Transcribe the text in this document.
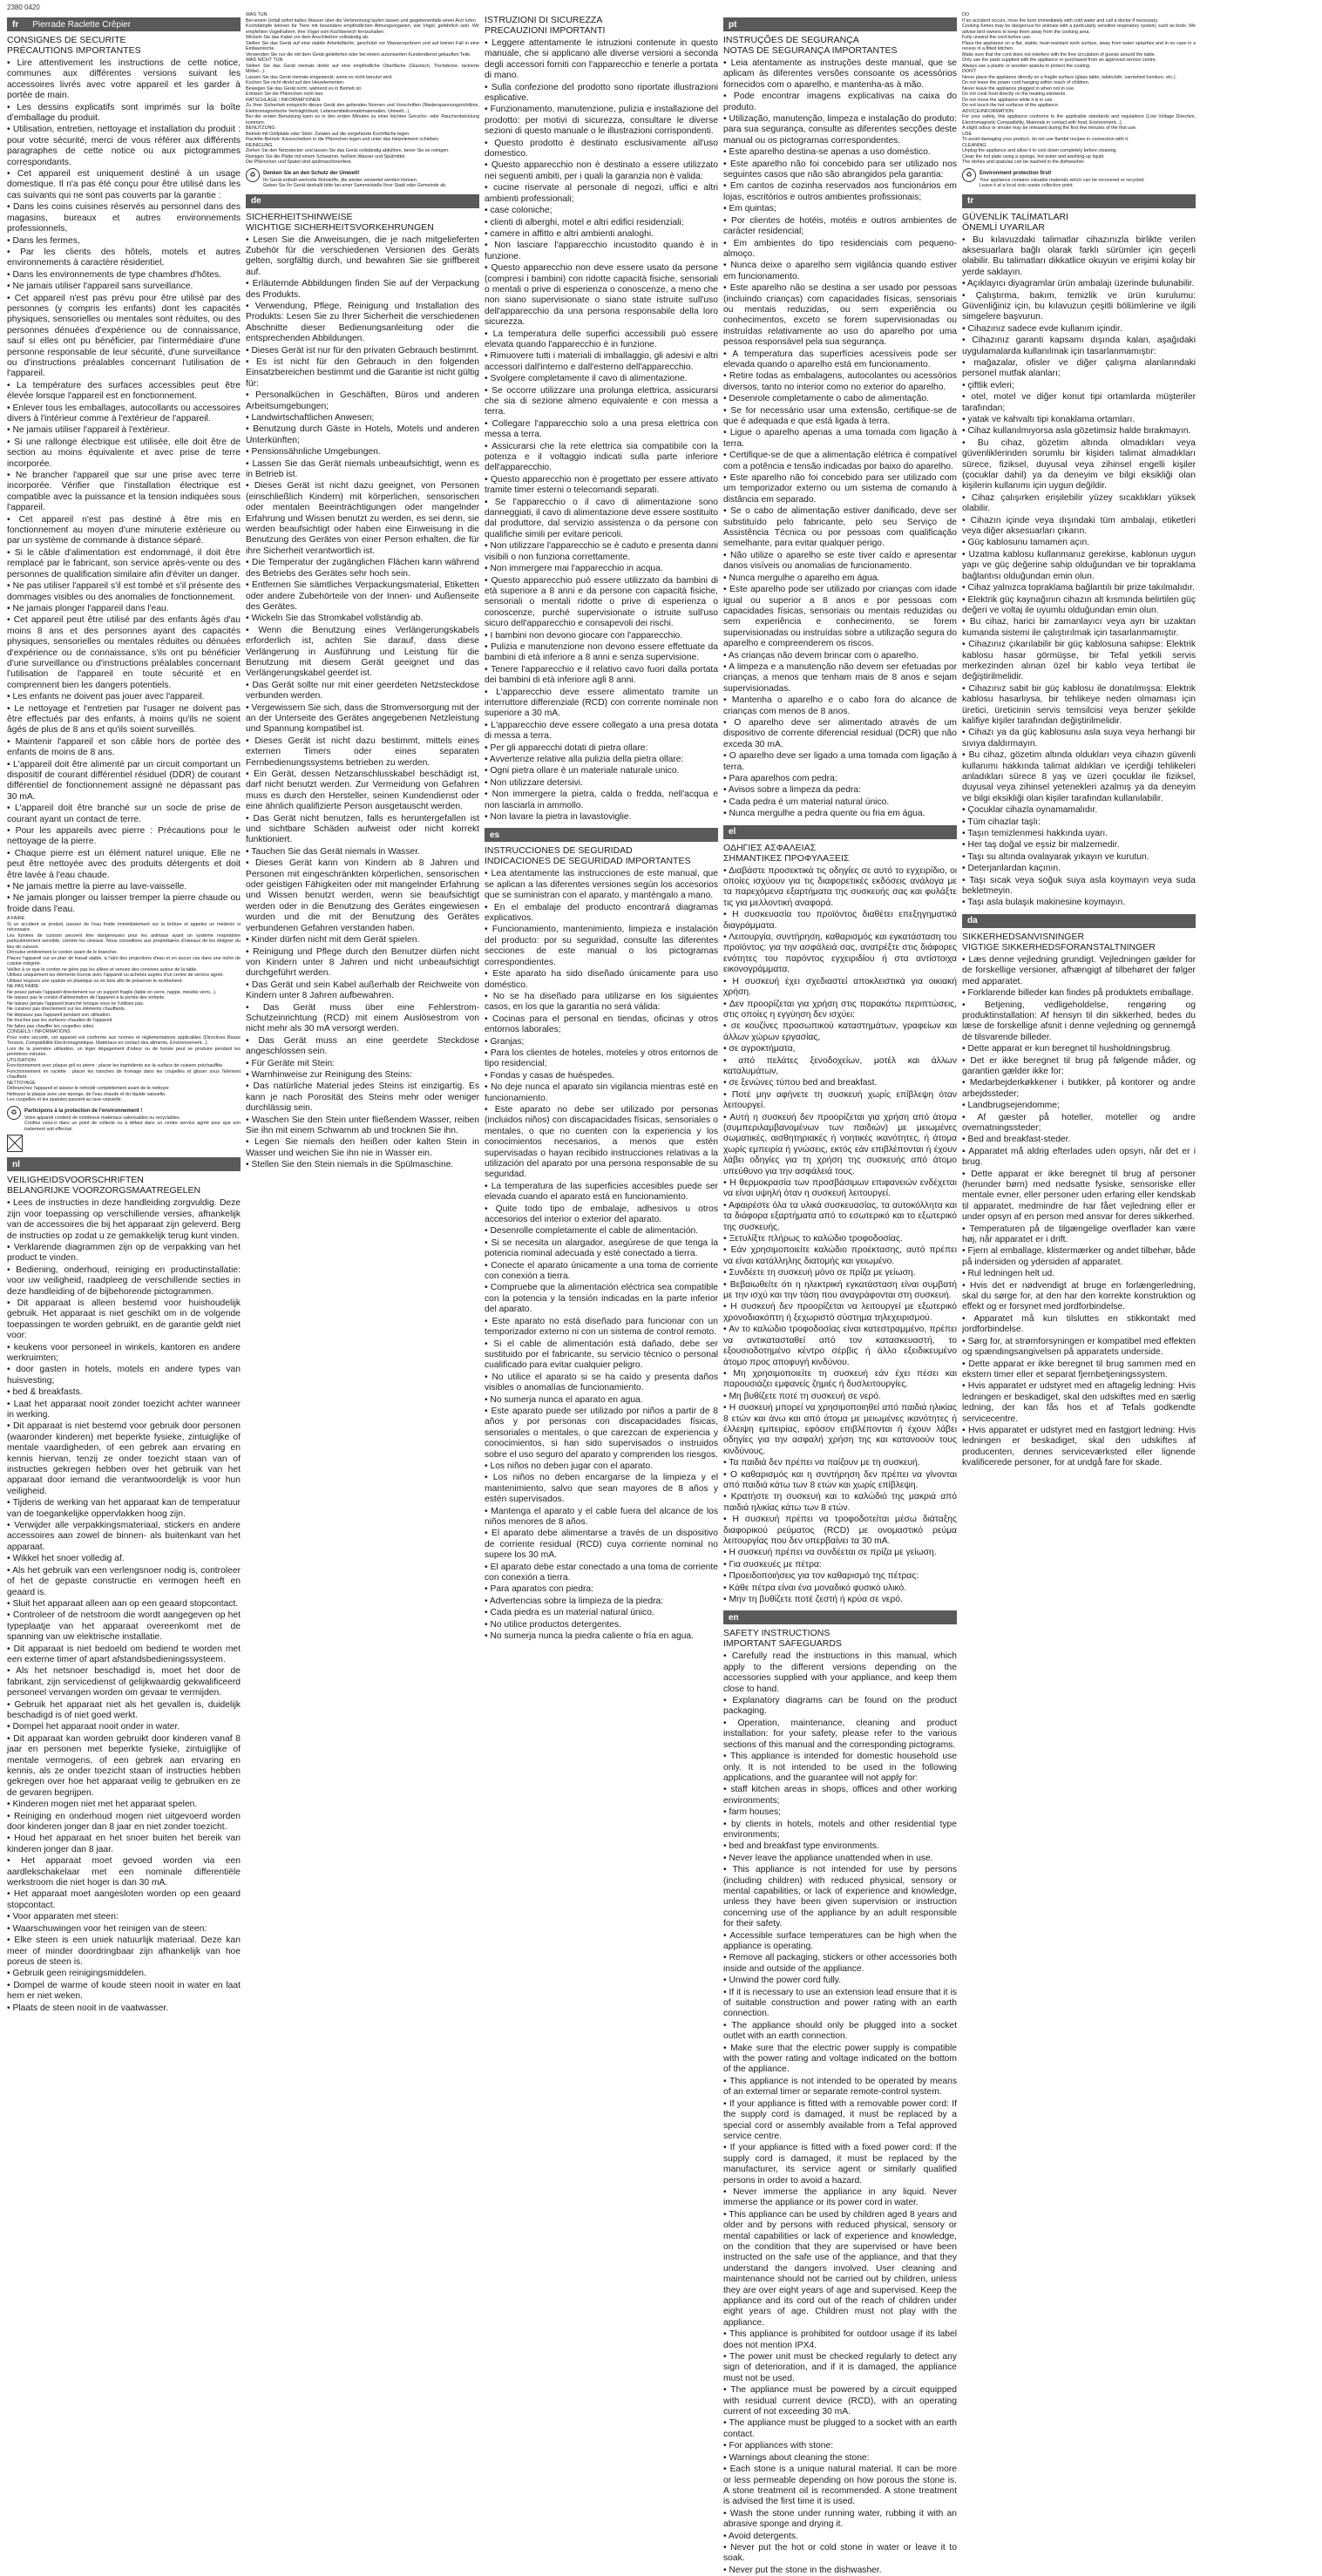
2380 0420
fr Pierrade Raclette Crêpier
CONSIGNES DE SECURITE
PRÉCAUTIONS IMPORTANTES
• Lire attentivement les instructions de cette notice, communes aux différentes versions suivant les accessoires livrés avec votre appareil et les garder à portée de main.
• Les dessins explicatifs sont imprimés sur la boîte d'emballage du produit.
• Utilisation, entretien, nettoyage et installation du produit : pour votre sécurité, merci de vous référer aux différents paragraphes de cette notice ou aux pictogrammes correspondants.
• Cet appareil est uniquement destiné à un usage domestique. Il n'a pas été conçu pour être utilisé dans les cas suivants qui ne sont pas couverts par la garantie :
• Dans les coins cuisines réservés au personnel dans des magasins, bureaux et autres environnements professionnels,
• Dans les fermes,
• Par les clients des hôtels, motels et autres environnements à caractère résidentiel,
• Dans les environnements de type chambres d'hôtes.
• Ne jamais utiliser l'appareil sans surveillance.
• Cet appareil n'est pas prévu pour être utilisé par des personnes (y compris les enfants) dont les capacités physiques, sensorielles ou mentales sont réduites, ou des personnes dénuées d'expérience ou de connaissance, sauf si elles ont pu bénéficier, par l'intermédiaire d'une personne responsable de leur sécurité, d'une surveillance ou d'instructions préalables concernant l'utilisation de l'appareil.
• La température des surfaces accessibles peut être élevée lorsque l'appareil est en fonctionnement.
• Enlever tous les emballages, autocollants ou accessoires divers à l'intérieur comme à l'extérieur de l'appareil.
• Ne jamais utiliser l'appareil à l'extérieur.
• Si une rallonge électrique est utilisée, elle doit être de section au moins équivalente et avec prise de terre incorporée.
• Ne brancher l'appareil que sur une prise avec terre incorporée. Vérifier que l'installation électrique est compatible avec la puissance et la tension indiquées sous l'appareil.
• Cet appareil n'est pas destiné à être mis en fonctionnement au moyen d'une minuterie extérieure ou par un système de commande à distance séparé.
• Si le câble d'alimentation est endommagé, il doit être remplacé par le fabricant, son service après-vente ou des personnes de qualification similaire afin d'éviter un danger.
• Ne pas utiliser l'appareil s'il est tombé et s'il présente des dommages visibles ou des anomalies de fonctionnement.
• Ne jamais plonger l'appareil dans l'eau.
• Cet appareil peut être utilisé par des enfants âgés d'au moins 8 ans et des personnes ayant des capacités physiques, sensorielles ou mentales réduites ou dénuées d'expérience ou de connaissance, s'ils ont pu bénéficier d'une surveillance ou d'instructions préalables concernant l'utilisation de l'appareil en toute sécurité et en comprennent bien les dangers potentiels.
• Les enfants ne doivent pas jouer avec l'appareil.
• Le nettoyage et l'entretien par l'usager ne doivent pas être effectués par des enfants, à moins qu'ils ne soient âgés de plus de 8 ans et qu'ils soient surveillés.
• Maintenir l'appareil et son câble hors de portée des enfants de moins de 8 ans.
• L'appareil doit être alimenté par un circuit comportant un dispositif de courant différentiel résiduel (DDR) de courant différentiel de fonctionnement assigné ne dépassant pas 30 mA.
• L'appareil doit être branché sur un socle de prise de courant ayant un contact de terre.
• Pour les appareils avec pierre : Précautions pour le nettoyage de la pierre.
• Chaque pierre est un élément naturel unique. Elle ne peut être nettoyée avec des produits détergents et doit être lavée à l'eau chaude.
• Ne jamais mettre la pierre au lave-vaisselle.
• Ne jamais plonger ou laisser tremper la pierre chaude ou froide dans l'eau.
A FAIRE
Si un accident se produit, passez de l'eau froide immédiatement sur la brûlure et appelez un médecin si nécessaire.
Les fumées de cuisson peuvent être dangereuses pour les animaux ayant un système respiratoire particulièrement sensible, comme les oiseaux. Nous conseillons aux propriétaires d'oiseaux de les éloigner du lieu de cuisson.
Déroulez entièrement le cordon avant de le brancher.
Placez l'appareil sur un plan de travail stable, à l'abri des projections d'eau et en aucun cas dans une niche de cuisine intégrée.
Veillez à ce que le cordon ne gêne pas les allées et venues des convives autour de la table.
Utilisez uniquement les éléments fournis avec l'appareil ou achetés auprès d'un centre de service agréé.
Utilisez toujours une spatule en plastique ou en bois afin de préserver le revêtement.
NE PAS FAIRE
Ne posez jamais l'appareil directement sur un support fragile (table en verre, nappe, meuble verni...).
Ne laissez pas le cordon d'alimentation de l'appareil à la portée des enfants.
Ne laissez jamais l'appareil branché lorsque vous ne l'utilisez pas.
Ne cuisinez pas directement sur les éléments chauffants.
Ne déplacez pas l'appareil pendant son utilisation.
Ne touchez pas les surfaces chaudes de l'appareil.
Ne faites pas chauffer les coupelles vides.
CONSEILS / INFORMATIONS
Pour votre sécurité, cet appareil est conforme aux normes et réglementations applicables (Directives Basse Tension, Compatibilité Electromagnétique, Matériaux en contact des aliments, Environnement...).
Lors de la première utilisation, un léger dégagement d'odeur ou de fumée peut se produire pendant les premières minutes.
UTILISATION
Fonctionnement avec plaque gril ou pierre : placer les ingrédients sur la surface de cuisson préchauffée.
Fonctionnement en raclette : placer les tranches de fromage dans les coupelles et glisser sous l'élément chauffant.
NETTOYAGE
Débranchez l'appareil et laissez-le refroidir complètement avant de le nettoyer.
Nettoyez la plaque avec une éponge, de l'eau chaude et du liquide vaisselle.
Les coupelles et les spatules passent au lave-vaisselle.
♻	Participons à la protection de l'environnement !
Votre appareil contient de nombreux matériaux valorisables ou recyclables.
Confiez celui-ci dans un point de collecte ou à défaut dans un centre service agréé pour que son traitement soit effectué.
nl
VEILIGHEIDSVOORSCHRIFTEN
BELANGRIJKE VOORZORGSMAATREGELEN
• Lees de instructies in deze handleiding zorgvuldig. Deze zijn voor toepassing op verschillende versies, afhankelijk van de accessoires die bij het apparaat zijn geleverd. Berg de instructies op zodat u ze gemakkelijk terug kunt vinden.
• Verklarende diagrammen zijn op de verpakking van het product te vinden.
• Bediening, onderhoud, reiniging en productinstallatie: voor uw veiligheid, raadpleeg de verschillende secties in deze handleiding of de bijbehorende pictogrammen.
• Dit apparaat is alleen bestemd voor huishoudelijk gebruik. Het apparaat is niet geschikt om in de volgende toepassingen te worden gebruikt, en de garantie geldt niet voor:
• keukens voor personeel in winkels, kantoren en andere werkruimten;
• door gasten in hotels, motels en andere types van huisvesting;
• bed & breakfasts.
• Laat het apparaat nooit zonder toezicht achter wanneer in werking.
• Dit apparaat is niet bestemd voor gebruik door personen (waaronder kinderen) met beperkte fysieke, zintuiglijke of mentale vaardigheden, of een gebrek aan ervaring en kennis hiervan, tenzij ze onder toezicht staan van of instructies gekregen hebben over het gebruik van het apparaat door iemand die verantwoordelijk is voor hun veiligheid.
• Tijdens de werking van het apparaat kan de temperatuur van de toegankelijke oppervlakken hoog zijn.
• Verwijder alle verpakkingsmateriaal, stickers en andere accessoires aan zowel de binnen- als buitenkant van het apparaat.
• Wikkel het snoer volledig af.
• Als het gebruik van een verlengsnoer nodig is, controleer of het de gepaste constructie en vermogen heeft en geaard is.
• Sluit het apparaat alleen aan op een geaard stopcontact.
• Controleer of de netstroom die wordt aangegeven op het typeplaatje van het apparaat overeenkomt met de spanning van uw elektrische installatie.
• Dit apparaat is niet bedoeld om bediend te worden met een externe timer of apart afstandsbedieningssysteem.
• Als het netsnoer beschadigd is, moet het door de fabrikant, zijn servicedienst of gelijkwaardig gekwalificeerd personeel vervangen worden om gevaar te vermijden.
• Gebruik het apparaat niet als het gevallen is, duidelijk beschadigd is of niet goed werkt.
• Dompel het apparaat nooit onder in water.
• Dit apparaat kan worden gebruikt door kinderen vanaf 8 jaar en personen met beperkte fysieke, zintuiglijke of mentale vermogens, of een gebrek aan ervaring en kennis, als ze onder toezicht staan of instructies hebben gekregen over hoe het apparaat veilig te gebruiken en ze de gevaren begrijpen.
• Kinderen mogen niet met het apparaat spelen.
• Reiniging en onderhoud mogen niet uitgevoerd worden door kinderen jonger dan 8 jaar en niet zonder toezicht.
• Houd het apparaat en het snoer buiten het bereik van kinderen jonger dan 8 jaar.
• Het apparaat moet gevoed worden via een aardlekschakelaar met een nominale differentiële werkstroom die niet hoger is dan 30 mA.
• Het apparaat moet aangesloten worden op een geaard stopcontact.
• Voor apparaten met steen:
• Waarschuwingen voor het reinigen van de steen:
• Elke steen is een uniek natuurlijk materiaal. Deze kan meer of minder doordringbaar zijn afhankelijk van hoe poreus de steen is.
• Gebruik geen reinigingsmiddelen.
• Dompel de warme of koude steen nooit in water en laat hem er niet weken.
• Plaats de steen nooit in de vaatwasser.
WAS TUN
Bei einem Unfall sofort kaltes Wasser über die Verbrennung laufen lassen und gegebenenfalls einen Arzt rufen.
Kochdämpfe können für Tiere mit besonders empfindlichen Atmungsorganen, wie Vögel, gefährlich sein. Wir empfehlen Vogelhaltern, ihre Vögel vom Kochbereich fernzuhalten.
Wickeln Sie das Kabel vor dem Anschließen vollständig ab.
Stellen Sie das Gerät auf eine stabile Arbeitsfläche, geschützt vor Wasserspritzern und auf keinen Fall in eine Einbaunische.
Verwenden Sie nur die mit dem Gerät gelieferten oder bei einem autorisierten Kundendienst gekauften Teile.
WAS NICHT TUN
Stellen Sie das Gerät niemals direkt auf eine empfindliche Oberfläche (Glastisch, Tischdecke, lackierte Möbel...).
Lassen Sie das Gerät niemals eingesteckt, wenn es nicht benutzt wird.
Kochen Sie nicht direkt auf den Heizelementen.
Bewegen Sie das Gerät nicht, während es in Betrieb ist.
Erhitzen Sie die Pfännchen nicht leer.
RATSCHLÄGE / INFORMATIONEN
Zu Ihrer Sicherheit entspricht dieses Gerät den geltenden Normen und Vorschriften (Niederspannungsrichtlinie, Elektromagnetische Verträglichkeit, Lebensmittelkontaktmaterialien, Umwelt...).
Bei der ersten Benutzung kann es in den ersten Minuten zu einer leichten Geruchs- oder Rauchentwicklung kommen.
BENUTZUNG
Betrieb mit Grillplatte oder Stein: Zutaten auf die vorgeheizte Kochfläche legen.
Raclette-Betrieb: Käsescheiben in die Pfännchen legen und unter das Heizelement schieben.
REINIGUNG
Ziehen Sie den Netzstecker und lassen Sie das Gerät vollständig abkühlen, bevor Sie es reinigen.
Reinigen Sie die Platte mit einem Schwamm, heißem Wasser und Spülmittel.
Die Pfännchen und Spatel sind spülmaschinenfest.
♻	Denken Sie an den Schutz der Umwelt!
Ihr Gerät enthält wertvolle Rohstoffe, die wieder verwertet werden können.
Geben Sie Ihr Gerät deshalb bitte bei einer Sammelstelle Ihrer Stadt oder Gemeinde ab.
de
SICHERHEITSHINWEISE
WICHTIGE SICHERHEITSVORKEHRUNGEN
• Lesen Sie die Anweisungen, die je nach mitgelieferten Zubehör für die verschiedenen Versionen des Geräts gelten, sorgfältig durch, und bewahren Sie sie griffbereit auf.
• Erläuternde Abbildungen finden Sie auf der Verpackung des Produkts.
• Verwendung, Pflege, Reinigung und Installation des Produkts: Lesen Sie zu Ihrer Sicherheit die verschiedenen Abschnitte dieser Bedienungsanleitung oder die entsprechenden Abbildungen.
• Dieses Gerät ist nur für den privaten Gebrauch bestimmt.
• Es ist nicht für den Gebrauch in den folgenden Einsatzbereichen bestimmt und die Garantie ist nicht gültig für:
• Personalküchen in Geschäften, Büros und anderen Arbeitsumgebungen;
• Landwirtschaftlichen Anwesen;
• Benutzung durch Gäste in Hotels, Motels und anderen Unterkünften;
• Pensionsähnliche Umgebungen.
• Lassen Sie das Gerät niemals unbeaufsichtigt, wenn es in Betrieb ist.
• Dieses Gerät ist nicht dazu geeignet, von Personen (einschließlich Kindern) mit körperlichen, sensorischen oder mentalen Beeinträchtigungen oder mangelnder Erfahrung und Wissen benutzt zu werden, es sei denn, sie werden beaufsichtigt oder haben eine Einweisung in die Benutzung des Gerätes von einer Person erhalten, die für ihre Sicherheit verantwortlich ist.
• Die Temperatur der zugänglichen Flächen kann während des Betriebs des Gerätes sehr hoch sein.
• Entfernen Sie sämtliches Verpackungsmaterial, Etiketten oder andere Zubehörteile von der Innen- und Außenseite des Gerätes.
• Wickeln Sie das Stromkabel vollständig ab.
• Wenn die Benutzung eines Verlängerungskabels erforderlich ist, achten Sie darauf, dass diese Verlängerung in Ausführung und Leistung für die Benutzung mit diesem Gerät geeignet und das Verlängerungskabel geerdet ist.
• Das Gerät sollte nur mit einer geerdeten Netzsteckdose verbunden werden.
• Vergewissern Sie sich, dass die Stromversorgung mit der an der Unterseite des Gerätes angegebenen Netzleistung und Spannung kompatibel ist.
• Dieses Gerät ist nicht dazu bestimmt, mittels eines externen Timers oder eines separaten Fernbedienungssystems betrieben zu werden.
• Ein Gerät, dessen Netzanschlusskabel beschädigt ist, darf nicht benutzt werden. Zur Vermeidung von Gefahren muss es durch den Hersteller, seinen Kundendienst oder eine ähnlich qualifizierte Person ausgetauscht werden.
• Das Gerät nicht benutzen, falls es heruntergefallen ist und sichtbare Schäden aufweist oder nicht korrekt funktioniert.
• Tauchen Sie das Gerät niemals in Wasser.
• Dieses Gerät kann von Kindern ab 8 Jahren und Personen mit eingeschränkten körperlichen, sensorischen oder geistigen Fähigkeiten oder mit mangelnder Erfahrung und Wissen benutzt werden, wenn sie beaufsichtigt werden oder in die Benutzung des Gerätes eingewiesen wurden und die mit der Benutzung des Gerätes verbundenen Gefahren verstanden haben.
• Kinder dürfen nicht mit dem Gerät spielen.
• Reinigung und Pflege durch den Benutzer dürfen nicht von Kindern unter 8 Jahren und nicht unbeaufsichtigt durchgeführt werden.
• Das Gerät und sein Kabel außerhalb der Reichweite von Kindern unter 8 Jahren aufbewahren.
• Das Gerät muss über eine Fehlerstrom-Schutzeinrichtung (RCD) mit einem Auslösestrom von nicht mehr als 30 mA versorgt werden.
• Das Gerät muss an eine geerdete Steckdose angeschlossen sein.
• Für Geräte mit Stein:
• Warnhinweise zur Reinigung des Steins:
• Das natürliche Material jedes Steins ist einzigartig. Es kann je nach Porosität des Steins mehr oder weniger durchlässig sein.
• Waschen Sie den Stein unter fließendem Wasser, reiben Sie ihn mit einem Schwamm ab und trocknen Sie ihn.
• Legen Sie niemals den heißen oder kalten Stein in Wasser und weichen Sie ihn nie in Wasser ein.
• Stellen Sie den Stein niemals in die Spülmaschine.
ISTRUZIONI DI SICUREZZA
PRECAUZIONI IMPORTANTI
• Leggere attentamente le istruzioni contenute in questo manuale, che si applicano alle diverse versioni a seconda degli accessori forniti con l'apparecchio e tenerle a portata di mano.
• Sulla confezione del prodotto sono riportate illustrazioni esplicative.
• Funzionamento, manutenzione, pulizia e installazione del prodotto: per motivi di sicurezza, consultare le diverse sezioni di questo manuale o le illustrazioni corrispondenti.
• Questo prodotto è destinato esclusivamente all'uso domestico.
• Questo apparecchio non è destinato a essere utilizzato nei seguenti ambiti, per i quali la garanzia non è valida:
• cucine riservate al personale di negozi, uffici e altri ambienti professionali;
• case coloniche;
• clienti di alberghi, motel e altri edifici residenziali;
• camere in affitto e altri ambienti analoghi.
• Non lasciare l'apparecchio incustodito quando è in funzione.
• Questo apparecchio non deve essere usato da persone (compresi i bambini) con ridotte capacità fisiche, sensoriali o mentali o prive di esperienza o conoscenze, a meno che non siano supervisionate o siano state istruite sull'uso dell'apparecchio da una persona responsabile della loro sicurezza.
• La temperatura delle superfici accessibili può essere elevata quando l'apparecchio è in funzione.
• Rimuovere tutti i materiali di imballaggio, gli adesivi e altri accessori dall'interno e dall'esterno dell'apparecchio.
• Svolgere completamente il cavo di alimentazione.
• Se occorre utilizzare una prolunga elettrica, assicurarsi che sia di sezione almeno equivalente e con messa a terra.
• Collegare l'apparecchio solo a una presa elettrica con messa a terra.
• Assicurarsi che la rete elettrica sia compatibile con la potenza e il voltaggio indicati sulla parte inferiore dell'apparecchio.
• Questo apparecchio non è progettato per essere attivato tramite timer esterni o telecomandi separati.
• Se l'apparecchio o il cavo di alimentazione sono danneggiati, il cavo di alimentazione deve essere sostituito dal produttore, dal servizio assistenza o da persone con qualifiche simili per evitare pericoli.
• Non utilizzare l'apparecchio se è caduto e presenta danni visibili o non funziona correttamente.
• Non immergere mai l'apparecchio in acqua.
• Questo apparecchio può essere utilizzato da bambini di età superiore a 8 anni e da persone con capacità fisiche, sensoriali o mentali ridotte o prive di esperienza o conoscenze, purché supervisionate o istruite sull'uso sicuro dell'apparecchio e consapevoli dei rischi.
• I bambini non devono giocare con l'apparecchio.
• Pulizia e manutenzione non devono essere effettuate da bambini di età inferiore a 8 anni e senza supervisione.
• Tenere l'apparecchio e il relativo cavo fuori dalla portata dei bambini di età inferiore agli 8 anni.
• L'apparecchio deve essere alimentato tramite un interruttore differenziale (RCD) con corrente nominale non superiore a 30 mA.
• L'apparecchio deve essere collegato a una presa dotata di messa a terra.
• Per gli apparecchi dotati di pietra ollare:
• Avvertenze relative alla pulizia della pietra ollare:
• Ogni pietra ollare è un materiale naturale unico.
• Non utilizzare detersivi.
• Non immergere la pietra, calda o fredda, nell'acqua e non lasciarla in ammollo.
• Non lavare la pietra in lavastoviglie.
es
INSTRUCCIONES DE SEGURIDAD
INDICACIONES DE SEGURIDAD IMPORTANTES
• Lea atentamente las instrucciones de este manual, que se aplican a las diferentes versiones según los accesorios que se suministran con el aparato, y manténgalo a mano.
• En el embalaje del producto encontrará diagramas explicativos.
• Funcionamiento, mantenimiento, limpieza e instalación del producto: por su seguridad, consulte las diferentes secciones de este manual o los pictogramas correspondientes.
• Este aparato ha sido diseñado únicamente para uso doméstico.
• No se ha diseñado para utilizarse en los siguientes casos, en los que la garantía no será válida:
• Cocinas para el personal en tiendas, oficinas y otros entornos laborales;
• Granjas;
• Para los clientes de hoteles, moteles y otros entornos de tipo residencial;
• Fondas y casas de huéspedes.
• No deje nunca el aparato sin vigilancia mientras esté en funcionamiento.
• Este aparato no debe ser utilizado por personas (incluidos niños) con discapacidades físicas, sensoriales o mentales, o que no cuenten con la experiencia y los conocimientos necesarios, a menos que estén supervisadas o hayan recibido instrucciones relativas a la utilización del aparato por una persona responsable de su seguridad.
• La temperatura de las superficies accesibles puede ser elevada cuando el aparato está en funcionamiento.
• Quite todo tipo de embalaje, adhesivos u otros accesorios del interior o exterior del aparato.
• Desenrolle completamente el cable de alimentación.
• Si se necesita un alargador, asegúrese de que tenga la potencia nominal adecuada y esté conectado a tierra.
• Conecte el aparato únicamente a una toma de corriente con conexión a tierra.
• Compruebe que la alimentación eléctrica sea compatible con la potencia y la tensión indicadas en la parte inferior del aparato.
• Este aparato no está diseñado para funcionar con un temporizador externo ni con un sistema de control remoto.
• Si el cable de alimentación está dañado, debe ser sustituido por el fabricante, su servicio técnico o personal cualificado para evitar cualquier peligro.
• No utilice el aparato si se ha caído y presenta daños visibles o anomalías de funcionamiento.
• No sumerja nunca el aparato en agua.
• Este aparato puede ser utilizado por niños a partir de 8 años y por personas con discapacidades físicas, sensoriales o mentales, o que carezcan de experiencia y conocimientos, si han sido supervisados o instruidos sobre el uso seguro del aparato y comprenden los riesgos.
• Los niños no deben jugar con el aparato.
• Los niños no deben encargarse de la limpieza y el mantenimiento, salvo que sean mayores de 8 años y estén supervisados.
• Mantenga el aparato y el cable fuera del alcance de los niños menores de 8 años.
• El aparato debe alimentarse a través de un dispositivo de corriente residual (RCD) cuya corriente nominal no supere los 30 mA.
• El aparato debe estar conectado a una toma de corriente con conexión a tierra.
• Para aparatos con piedra:
• Advertencias sobre la limpieza de la piedra:
• Cada piedra es un material natural único.
• No utilice productos detergentes.
• No sumerja nunca la piedra caliente o fría en agua.
pt
INSTRUÇÕES DE SEGURANÇA
NOTAS DE SEGURANÇA IMPORTANTES
• Leia atentamente as instruções deste manual, que se aplicam às diferentes versões consoante os acessórios fornecidos com o aparelho, e mantenha-as à mão.
• Pode encontrar imagens explicativas na caixa do produto.
• Utilização, manutenção, limpeza e instalação do produto: para sua segurança, consulte as diferentes secções deste manual ou os pictogramas correspondentes.
• Este aparelho destina-se apenas a uso doméstico.
• Este aparelho não foi concebido para ser utilizado nos seguintes casos que não são abrangidos pela garantia:
• Em cantos de cozinha reservados aos funcionários em lojas, escritórios e outros ambientes profissionais;
• Em quintas;
• Por clientes de hotéis, motéis e outros ambientes de carácter residencial;
• Em ambientes do tipo residenciais com pequeno-almoço.
• Nunca deixe o aparelho sem vigilância quando estiver em funcionamento.
• Este aparelho não se destina a ser usado por pessoas (incluindo crianças) com capacidades físicas, sensoriais ou mentais reduzidas, ou sem experiência ou conhecimentos, exceto se forem supervisionadas ou instruídas relativamente ao uso do aparelho por uma pessoa responsável pela sua segurança.
• A temperatura das superfícies acessíveis pode ser elevada quando o aparelho está em funcionamento.
• Retire todas as embalagens, autocolantes ou acessórios diversos, tanto no interior como no exterior do aparelho.
• Desenrole completamente o cabo de alimentação.
• Se for necessário usar uma extensão, certifique-se de que é adequada e que está ligada à terra.
• Ligue o aparelho apenas a uma tomada com ligação à terra.
• Certifique-se de que a alimentação elétrica é compatível com a potência e tensão indicadas por baixo do aparelho.
• Este aparelho não foi concebido para ser utilizado com um temporizador externo ou um sistema de comando à distância em separado.
• Se o cabo de alimentação estiver danificado, deve ser substituído pelo fabricante, pelo seu Serviço de Assistência Técnica ou por pessoas com qualificação semelhante, para evitar qualquer perigo.
• Não utilize o aparelho se este tiver caído e apresentar danos visíveis ou anomalias de funcionamento.
• Nunca mergulhe o aparelho em água.
• Este aparelho pode ser utilizado por crianças com idade igual ou superior a 8 anos e por pessoas com capacidades físicas, sensoriais ou mentais reduzidas ou sem experiência e conhecimento, se forem supervisionadas ou instruídas sobre a utilização segura do aparelho e compreenderem os riscos.
• As crianças não devem brincar com o aparelho.
• A limpeza e a manutenção não devem ser efetuadas por crianças, a menos que tenham mais de 8 anos e sejam supervisionadas.
• Mantenha o aparelho e o cabo fora do alcance de crianças com menos de 8 anos.
• O aparelho deve ser alimentado através de um dispositivo de corrente diferencial residual (DCR) que não exceda 30 mA.
• O aparelho deve ser ligado a uma tomada com ligação à terra.
• Para aparelhos com pedra:
• Avisos sobre a limpeza da pedra:
• Cada pedra é um material natural único.
• Nunca mergulhe a pedra quente ou fria em água.
el
ΟΔΗΓΙΕΣ ΑΣΦΑΛΕΙΑΣ
ΣΗΜΑΝΤΙΚΕΣ ΠΡΟΦΥΛΑΞΕΙΣ
• Διαβάστε προσεκτικά τις οδηγίες σε αυτό το εγχειρίδιο, οι οποίες ισχύουν για τις διαφορετικές εκδόσεις ανάλογα με τα παρεχόμενα εξαρτήματα της συσκευής σας και φυλάξτε τις για μελλοντική αναφορά.
• Η συσκευασία του προϊόντος διαθέτει επεξηγηματικά διαγράμματα.
• Λειτουργία, συντήρηση, καθαρισμός και εγκατάσταση του προϊόντος: για την ασφάλειά σας, ανατρέξτε στις διάφορες ενότητες του παρόντος εγχειριδίου ή στα αντίστοιχα εικονογράμματα.
• Η συσκευή έχει σχεδιαστεί αποκλειστικά για οικιακή χρήση.
• Δεν προορίζεται για χρήση στις παρακάτω περιπτώσεις, στις οποίες η εγγύηση δεν ισχύει:
• σε κουζίνες προσωπικού καταστημάτων, γραφείων και άλλων χώρων εργασίας,
• σε αγροκτήματα,
• από πελάτες ξενοδοχείων, μοτέλ και άλλων καταλυμάτων,
• σε ξενώνες τύπου bed and breakfast.
• Ποτέ μην αφήνετε τη συσκευή χωρίς επίβλεψη όταν λειτουργεί.
• Αυτή η συσκευή δεν προορίζεται για χρήση από άτομα (συμπεριλαμβανομένων των παιδιών) με μειωμένες σωματικές, αισθητηριακές ή νοητικές ικανότητες, ή άτομα χωρίς εμπειρία ή γνώσεις, εκτός εάν επιβλέπονται ή έχουν λάβει οδηγίες για τη χρήση της συσκευής από άτομο υπεύθυνο για την ασφάλειά τους.
• Η θερμοκρασία των προσβάσιμων επιφανειών ενδέχεται να είναι υψηλή όταν η συσκευή λειτουργεί.
• Αφαιρέστε όλα τα υλικά συσκευασίας, τα αυτοκόλλητα και τα διάφορα εξαρτήματα από το εσωτερικό και το εξωτερικό της συσκευής.
• Ξετυλίξτε πλήρως το καλώδιο τροφοδοσίας.
• Εάν χρησιμοποιείτε καλώδιο προέκτασης, αυτό πρέπει να είναι κατάλληλης διατομής και γειωμένο.
• Συνδέετε τη συσκευή μόνο σε πρίζα με γείωση.
• Βεβαιωθείτε ότι η ηλεκτρική εγκατάσταση είναι συμβατή με την ισχύ και την τάση που αναγράφονται στη συσκευή.
• Η συσκευή δεν προορίζεται να λειτουργεί με εξωτερικό χρονοδιακόπτη ή ξεχωριστό σύστημα τηλεχειρισμού.
• Αν το καλώδιο τροφοδοσίας είναι κατεστραμμένο, πρέπει να αντικατασταθεί από τον κατασκευαστή, το εξουσιοδοτημένο κέντρο σέρβις ή άλλο εξειδικευμένο άτομο προς αποφυγή κινδύνου.
• Μη χρησιμοποιείτε τη συσκευή εάν έχει πέσει και παρουσιάζει εμφανείς ζημιές ή δυσλειτουργίες.
• Μη βυθίζετε ποτέ τη συσκευή σε νερό.
• Η συσκευή μπορεί να χρησιμοποιηθεί από παιδιά ηλικίας 8 ετών και άνω και από άτομα με μειωμένες ικανότητες ή έλλειψη εμπειρίας, εφόσον επιβλέπονται ή έχουν λάβει οδηγίες για την ασφαλή χρήση της και κατανοούν τους κινδύνους.
• Τα παιδιά δεν πρέπει να παίζουν με τη συσκευή.
• Ο καθαρισμός και η συντήρηση δεν πρέπει να γίνονται από παιδιά κάτω των 8 ετών και χωρίς επίβλεψη.
• Κρατήστε τη συσκευή και το καλώδιό της μακριά από παιδιά ηλικίας κάτω των 8 ετών.
• Η συσκευή πρέπει να τροφοδοτείται μέσω διάταξης διαφορικού ρεύματος (RCD) με ονομαστικό ρεύμα λειτουργίας που δεν υπερβαίνει τα 30 mA.
• Η συσκευή πρέπει να συνδέεται σε πρίζα με γείωση.
• Για συσκευές με πέτρα:
• Προειδοποιήσεις για τον καθαρισμό της πέτρας:
• Κάθε πέτρα είναι ένα μοναδικό φυσικό υλικό.
• Μην τη βυθίζετε ποτέ ζεστή ή κρύα σε νερό.
en
SAFETY INSTRUCTIONS
IMPORTANT SAFEGUARDS
• Carefully read the instructions in this manual, which apply to the different versions depending on the accessories supplied with your appliance, and keep them close to hand.
• Explanatory diagrams can be found on the product packaging.
• Operation, maintenance, cleaning and product installation: for your safety, please refer to the various sections of this manual and the corresponding pictograms.
• This appliance is intended for domestic household use only. It is not intended to be used in the following applications, and the guarantee will not apply for:
• staff kitchen areas in shops, offices and other working environments;
• farm houses;
• by clients in hotels, motels and other residential type environments;
• bed and breakfast type environments.
• Never leave the appliance unattended when in use.
• This appliance is not intended for use by persons (including children) with reduced physical, sensory or mental capabilities, or lack of experience and knowledge, unless they have been given supervision or instruction concerning use of the appliance by an adult responsible for their safety.
• Accessible surface temperatures can be high when the appliance is operating.
• Remove all packaging, stickers or other accessories both inside and outside of the appliance.
• Unwind the power cord fully.
• If it is necessary to use an extension lead ensure that it is of suitable construction and power rating with an earth connection.
• The appliance should only be plugged into a socket outlet with an earth connection.
• Make sure that the electric power supply is compatible with the power rating and voltage indicated on the bottom of the appliance.
• This appliance is not intended to be operated by means of an external timer or separate remote-control system.
• If your appliance is fitted with a removable power cord: If the supply cord is damaged, it must be replaced by a special cord or assembly available from a Tefal approved service centre.
• If your appliance is fitted with a fixed power cord: If the supply cord is damaged, it must be replaced by the manufacturer, its service agent or similarly qualified persons in order to avoid a hazard.
• Never immerse the appliance in any liquid. Never immerse the appliance or its power cord in water.
• This appliance can be used by children aged 8 years and older and by persons with reduced physical, sensory or mental capabilities or lack of experience and knowledge, on the condition that they are supervised or have been instructed on the safe use of the appliance, and that they understand the dangers involved. User cleaning and maintenance should not be carried out by children, unless they are over eight years of age and supervised. Keep the appliance and its cord out of the reach of children under eight years of age. Children must not play with the appliance.
• This appliance is prohibited for outdoor usage if its label does not mention IPX4.
• The power unit must be checked regularly to detect any sign of deterioration, and if it is damaged, the appliance must not be used.
• The appliance must be powered by a circuit equipped with residual current device (RCD), with an operating current of not exceeding 30 mA.
• The appliance must be plugged to a socket with an earth contact.
• For appliances with stone:
• Warnings about cleaning the stone:
• Each stone is a unique natural material. It can be more or less permeable depending on how porous the stone is. A stone treatment oil is recommended. A stone treatment is advised the first time it is used.
• Wash the stone under running water, rubbing it with an abrasive sponge and drying it.
• Avoid detergents.
• Never put the hot or cold stone in water or leave it to soak.
• Never put the stone in the dishwasher.
DO
If an accident occurs, rinse the burn immediately with cold water and call a doctor if necessary.
Cooking fumes may be dangerous for animals with a particularly sensitive respiratory system, such as birds. We advise bird owners to keep them away from the cooking area.
Fully unwind the cord before use.
Place the appliance on a flat, stable, heat-resistant work surface, away from water splashes and in no case in a recess in a fitted kitchen.
Make sure that the cord does not interfere with the free circulation of guests around the table.
Only use the parts supplied with the appliance or purchased from an approved service centre.
Always use a plastic or wooden spatula to protect the coating.
DON'T
Never place the appliance directly on a fragile surface (glass table, tablecloth, varnished furniture, etc.).
Do not leave the power cord hanging within reach of children.
Never leave the appliance plugged in when not in use.
Do not cook food directly on the heating elements.
Do not move the appliance while it is in use.
Do not touch the hot surfaces of the appliance.
ADVICE/INFORMATION
For your safety, this appliance conforms to the applicable standards and regulations (Low Voltage Directive, Electromagnetic Compatibility, Materials in contact with food, Environment...).
A slight odour or smoke may be released during the first few minutes of the first use.
USE
To avoid damaging your product, do not use flambé recipes in connection with it.
CLEANING
Unplug the appliance and allow it to cool down completely before cleaning.
Clean the hot plate using a sponge, hot water and washing-up liquid.
The dishes and spatulas can be washed in the dishwasher.
♻	Environment protection first!
Your appliance contains valuable materials which can be recovered or recycled.
Leave it at a local civic waste collection point.
tr
GÜVENLİK TALİMATLARI
ÖNEMLİ UYARILAR
• Bu kılavuzdaki talimatlar cihazınızla birlikte verilen aksesuarlara bağlı olarak farklı sürümler için geçerli olabilir. Bu talimatları dikkatlice okuyun ve erişimi kolay bir yerde saklayın.
• Açıklayıcı diyagramlar ürün ambalajı üzerinde bulunabilir.
• Çalıştırma, bakım, temizlik ve ürün kurulumu: Güvenliğiniz için, bu kılavuzun çeşitli bölümlerine ve ilgili simgelere başvurun.
• Cihazınız sadece evde kullanım içindir.
• Cihazınız garanti kapsamı dışında kalan, aşağıdaki uygulamalarda kullanılmak için tasarlanmamıştır:
• mağazalar, ofisler ve diğer çalışma alanlarındaki personel mutfak alanları;
• çiftlik evleri;
• otel, motel ve diğer konut tipi ortamlarda müşteriler tarafından;
• yatak ve kahvaltı tipi konaklama ortamları.
• Cihaz kullanılmıyorsa asla gözetimsiz halde bırakmayın.
• Bu cihaz, gözetim altında olmadıkları veya güvenliklerinden sorumlu bir kişiden talimat almadıkları sürece, fiziksel, duyusal veya zihinsel engelli kişiler (çocuklar dahil) ya da deneyim ve bilgi eksikliği olan kişilerin kullanımı için uygun değildir.
• Cihaz çalışırken erişilebilir yüzey sıcaklıkları yüksek olabilir.
• Cihazın içinde veya dışındaki tüm ambalajı, etiketleri veya diğer aksesuarları çıkarın.
• Güç kablosunu tamamen açın.
• Uzatma kablosu kullanmanız gerekirse, kablonun uygun yapı ve güç değerine sahip olduğundan ve bir topraklama bağlantısı olduğundan emin olun.
• Cihaz yalnızca topraklama bağlantılı bir prize takılmalıdır.
• Elektrik güç kaynağının cihazın alt kısmında belirtilen güç değeri ve voltaj ile uyumlu olduğundan emin olun.
• Bu cihaz, harici bir zamanlayıcı veya ayrı bir uzaktan kumanda sistemi ile çalıştırılmak için tasarlanmamıştır.
• Cihazınız çıkarılabilir bir güç kablosuna sahipse: Elektrik kablosu hasar görmüşse, bir Tefal yetkili servis merkezinden alınan özel bir kablo veya tertibat ile değiştirilmelidir.
• Cihazınız sabit bir güç kablosu ile donatılmışsa: Elektrik kablosu hasarlıysa, bir tehlikeye neden olmaması için üretici, üreticinin servis temsilcisi veya benzer şekilde kalifiye kişiler tarafından değiştirilmelidir.
• Cihazı ya da güç kablosunu asla suya veya herhangi bir sıvıya daldırmayın.
• Bu cihaz, gözetim altında oldukları veya cihazın güvenli kullanımı hakkında talimat aldıkları ve içerdiği tehlikeleri anladıkları sürece 8 yaş ve üzeri çocuklar ile fiziksel, duyusal veya zihinsel yetenekleri azalmış ya da deneyim ve bilgi eksikliği olan kişiler tarafından kullanılabilir.
• Çocuklar cihazla oynamamalıdır.
• Tüm cihazlar taşlı:
• Taşın temizlenmesi hakkında uyarı.
• Her taş doğal ve eşsiz bir malzemedir.
• Taşı su altında ovalayarak yıkayın ve kurutun.
• Deterjanlardan kaçının.
• Taşı sıcak veya soğuk suya asla koymayın veya suda bekletmeyin.
• Taşı asla bulaşık makinesine koymayın.
da
SIKKERHEDSANVISNINGER
VIGTIGE SIKKERHEDSFORANSTALTNINGER
• Læs denne vejledning grundigt. Vejledningen gælder for de forskellige versioner, afhængigt af tilbehøret der følger med apparatet.
• Forklarende billeder kan findes på produktets emballage.
• Betjening, vedligeholdelse, rengøring og produktinstallation: Af hensyn til din sikkerhed, bedes du læse de forskellige afsnit i denne vejledning og gennemgå de tilsvarende billeder.
• Dette apparat er kun beregnet til husholdningsbrug.
• Det er ikke beregnet til brug på følgende måder, og garantien gælder ikke for:
• Medarbejderkøkkener i butikker, på kontorer og andre arbejdssteder;
• Landbrugsejendomme;
• Af gæster på hoteller, moteller og andre overnatningssteder;
• Bed and breakfast-steder.
• Apparatet må aldrig efterlades uden opsyn, når det er i brug.
• Dette apparat er ikke beregnet til brug af personer (herunder børn) med nedsatte fysiske, sensoriske eller mentale evner, eller personer uden erfaring eller kendskab til apparatet, medmindre de har fået vejledning eller er under opsyn af en person med ansvar for deres sikkerhed.
• Temperaturen på de tilgængelige overflader kan være høj, når apparatet er i drift.
• Fjern al emballage, klistermærker og andet tilbehør, både på indersiden og ydersiden af apparatet.
• Rul ledningen helt ud.
• Hvis det er nødvendigt at bruge en forlængerledning, skal du sørge for, at den har den korrekte konstruktion og effekt og er forsynet med jordforbindelse.
• Apparatet må kun tilsluttes en stikkontakt med jordforbindelse.
• Sørg for, at strømforsyningen er kompatibel med effekten og spændingsangivelsen på apparatets underside.
• Dette apparat er ikke beregnet til brug sammen med en ekstern timer eller et separat fjernbetjeningssystem.
• Hvis apparatet er udstyret med en aftagelig ledning: Hvis ledningen er beskadiget, skal den udskiftes med en særlig ledning, der kan fås hos et af Tefals godkendte servicecentre.
• Hvis apparatet er udstyret med en fastgjort ledning: Hvis ledningen er beskadiget, skal den udskiftes af producenten, dennes serviceværksted eller lignende kvalificerede personer, for at undgå fare for skade.
